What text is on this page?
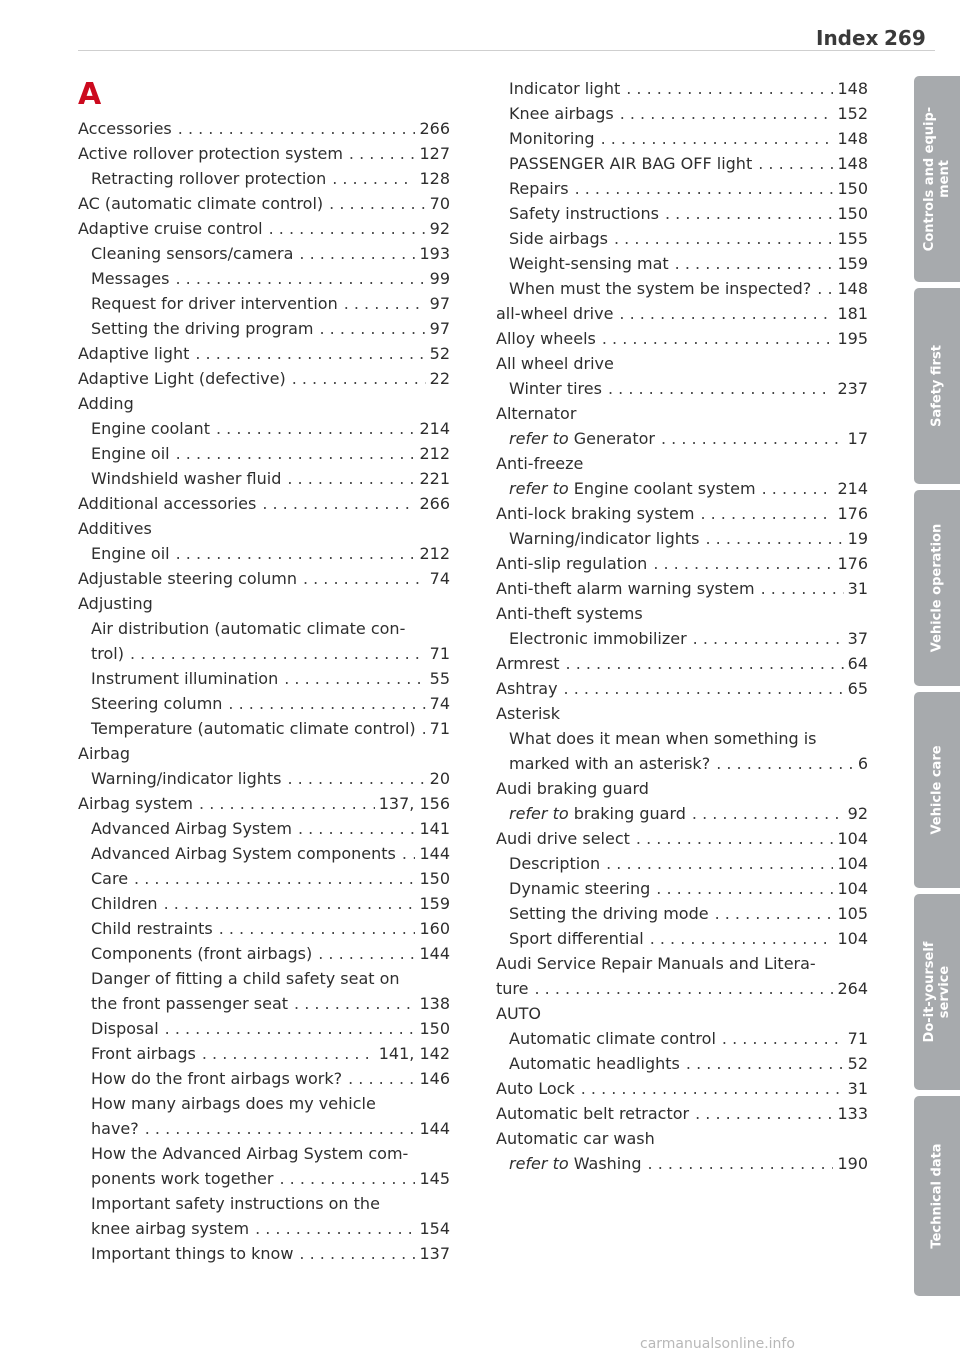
Index 269
A
Accessories . . .	266
Active rollover protection system . . .	127
Retracting rollover protection . . .	128
AC (automatic climate control) . . .	70
Adaptive cruise control . . .	92
Cleaning sensors/camera . . .	193
Messages . . .	99
Request for driver intervention . . .	97
Setting the driving program . . .	97
Adaptive light . . .	52
Adaptive Light (defective) . . .	22
Adding
Engine coolant . . .	214
Engine oil . . .	212
Windshield washer fluid . . .	221
Additional accessories . . .	266
Additives
Engine oil . . .	212
Adjustable steering column . . .	74
Adjusting
Air distribution (automatic climate con-
trol) . . .	71
Instrument illumination . . .	55
Steering column . . .	74
Temperature (automatic climate control) . . . 71
Airbag
Warning/indicator lights . . .	20
Airbag system . . .	137, 156
Advanced Airbag System . . .	141
Advanced Airbag System components . . . 144
Care . . .	150
Children . . .	159
Child restraints . . .	160
Components (front airbags) . . .	144
Danger of fitting a child safety seat on
the front passenger seat . . .	138
Disposal . . .	150
Front airbags . . .	141, 142
How do the front airbags work? . . .	146
How many airbags does my vehicle
have? . . .	144
How the Advanced Airbag System com-
ponents work together . . .	145
Important safety instructions on the
knee airbag system . . .	154
Important things to know . . .	137
Indicator light . . .	148
Knee airbags . . .	152
Monitoring . . .	148
PASSENGER AIR BAG OFF light . . .	148
Repairs . . .	150
Safety instructions . . .	150
Side airbags . . .	155
Weight-sensing mat . . .	159
When must the system be inspected? . . . 148
all-wheel drive . . .	181
Alloy wheels . . .	195
All wheel drive
Winter tires . . .	237
Alternator
refer to Generator . . .	17
Anti-freeze
refer to Engine coolant system . . .	214
Anti-lock braking system . . .	176
Warning/indicator lights . . .	19
Anti-slip regulation . . .	176
Anti-theft alarm warning system . . .	31
Anti-theft systems
Electronic immobilizer . . .	37
Armrest . . .	64
Ashtray . . .	65
Asterisk
What does it mean when something is
marked with an asterisk? . . .	6
Audi braking guard
refer to braking guard . . .	92
Audi drive select . . .	104
Description . . .	104
Dynamic steering . . .	104
Setting the driving mode . . .	105
Sport differential . . .	104
Audi Service Repair Manuals and Litera-
ture . . .	264
AUTO
Automatic climate control . . .	71
Automatic headlights . . .	52
Auto Lock . . .	31
Automatic belt retractor . . .	133
Automatic car wash
refer to Washing . . .	190
Controls and equip-
ment
Safety first
Vehicle operation
Vehicle care
Do-it-yourself
service
Technical data
carmanualsonline.info
